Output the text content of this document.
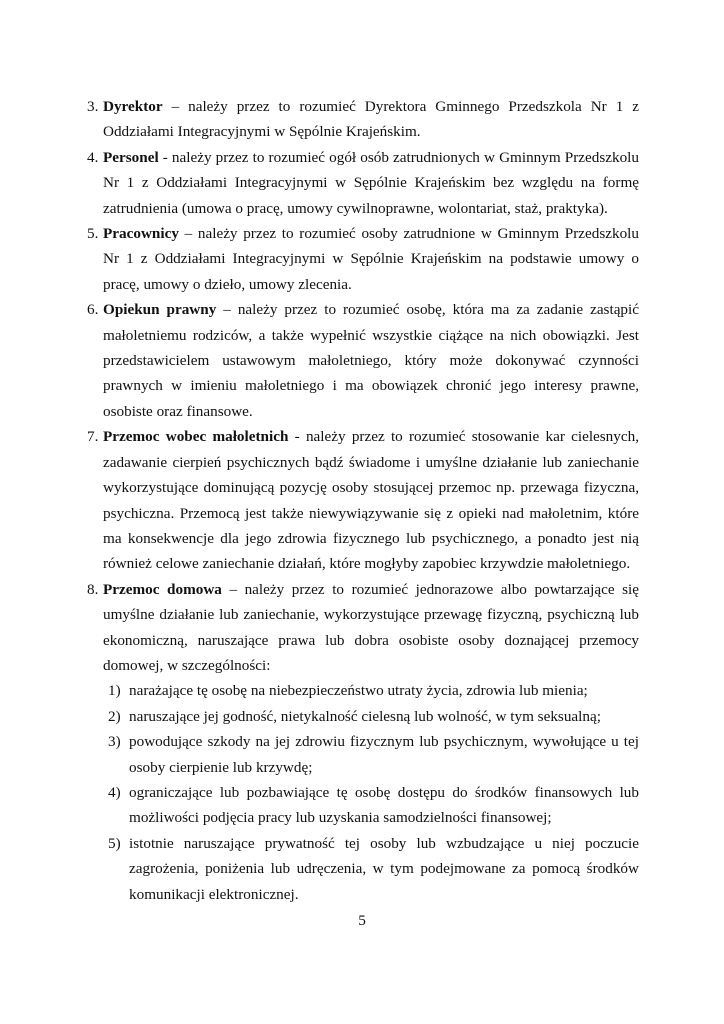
3. Dyrektor – należy przez to rozumieć Dyrektora Gminnego Przedszkola Nr 1 z Oddziałami Integracyjnymi w Sępólnie Krajeńskim.
4. Personel - należy przez to rozumieć ogół osób zatrudnionych w Gminnym Przedszkolu Nr 1 z Oddziałami Integracyjnymi w Sępólnie Krajeńskim bez względu na formę zatrudnienia (umowa o pracę, umowy cywilnoprawne, wolontariat, staż, praktyka).
5. Pracownicy – należy przez to rozumieć osoby zatrudnione w Gminnym Przedszkolu Nr 1 z Oddziałami Integracyjnymi w Sępólnie Krajeńskim na podstawie umowy o pracę, umowy o dzieło, umowy zlecenia.
6. Opiekun prawny – należy przez to rozumieć osobę, która ma za zadanie zastąpić małoletniemu rodziców, a także wypełnić wszystkie ciążące na nich obowiązki. Jest przedstawicielem ustawowym małoletniego, który może dokonywać czynności prawnych w imieniu małoletniego i ma obowiązek chronić jego interesy prawne, osobiste oraz finansowe.
7. Przemoc wobec małoletnich - należy przez to rozumieć stosowanie kar cielesnych, zadawanie cierpień psychicznych bądź świadome i umyślne działanie lub zaniechanie wykorzystujące dominującą pozycję osoby stosującej przemoc np. przewaga fizyczna, psychiczna. Przemocą jest także niewywiązywanie się z opieki nad małoletnim, które ma konsekwencje dla jego zdrowia fizycznego lub psychicznego, a ponadto jest nią również celowe zaniechanie działań, które mogłyby zapobiec krzywdzie małoletniego.
8. Przemoc domowa – należy przez to rozumieć jednorazowe albo powtarzające się umyślne działanie lub zaniechanie, wykorzystujące przewagę fizyczną, psychiczną lub ekonomiczną, naruszające prawa lub dobra osobiste osoby doznającej przemocy domowej, w szczególności:
1) narażające tę osobę na niebezpieczeństwo utraty życia, zdrowia lub mienia;
2) naruszające jej godność, nietykalność cielesną lub wolność, w tym seksualną;
3) powodujące szkody na jej zdrowiu fizycznym lub psychicznym, wywołujące u tej osoby cierpienie lub krzywdę;
4) ograniczające lub pozbawiające tę osobę dostępu do środków finansowych lub możliwości podjęcia pracy lub uzyskania samodzielności finansowej;
5) istotnie naruszające prywatność tej osoby lub wzbudzające u niej poczucie zagrożenia, poniżenia lub udręczenia, w tym podejmowane za pomocą środków komunikacji elektronicznej.
5
